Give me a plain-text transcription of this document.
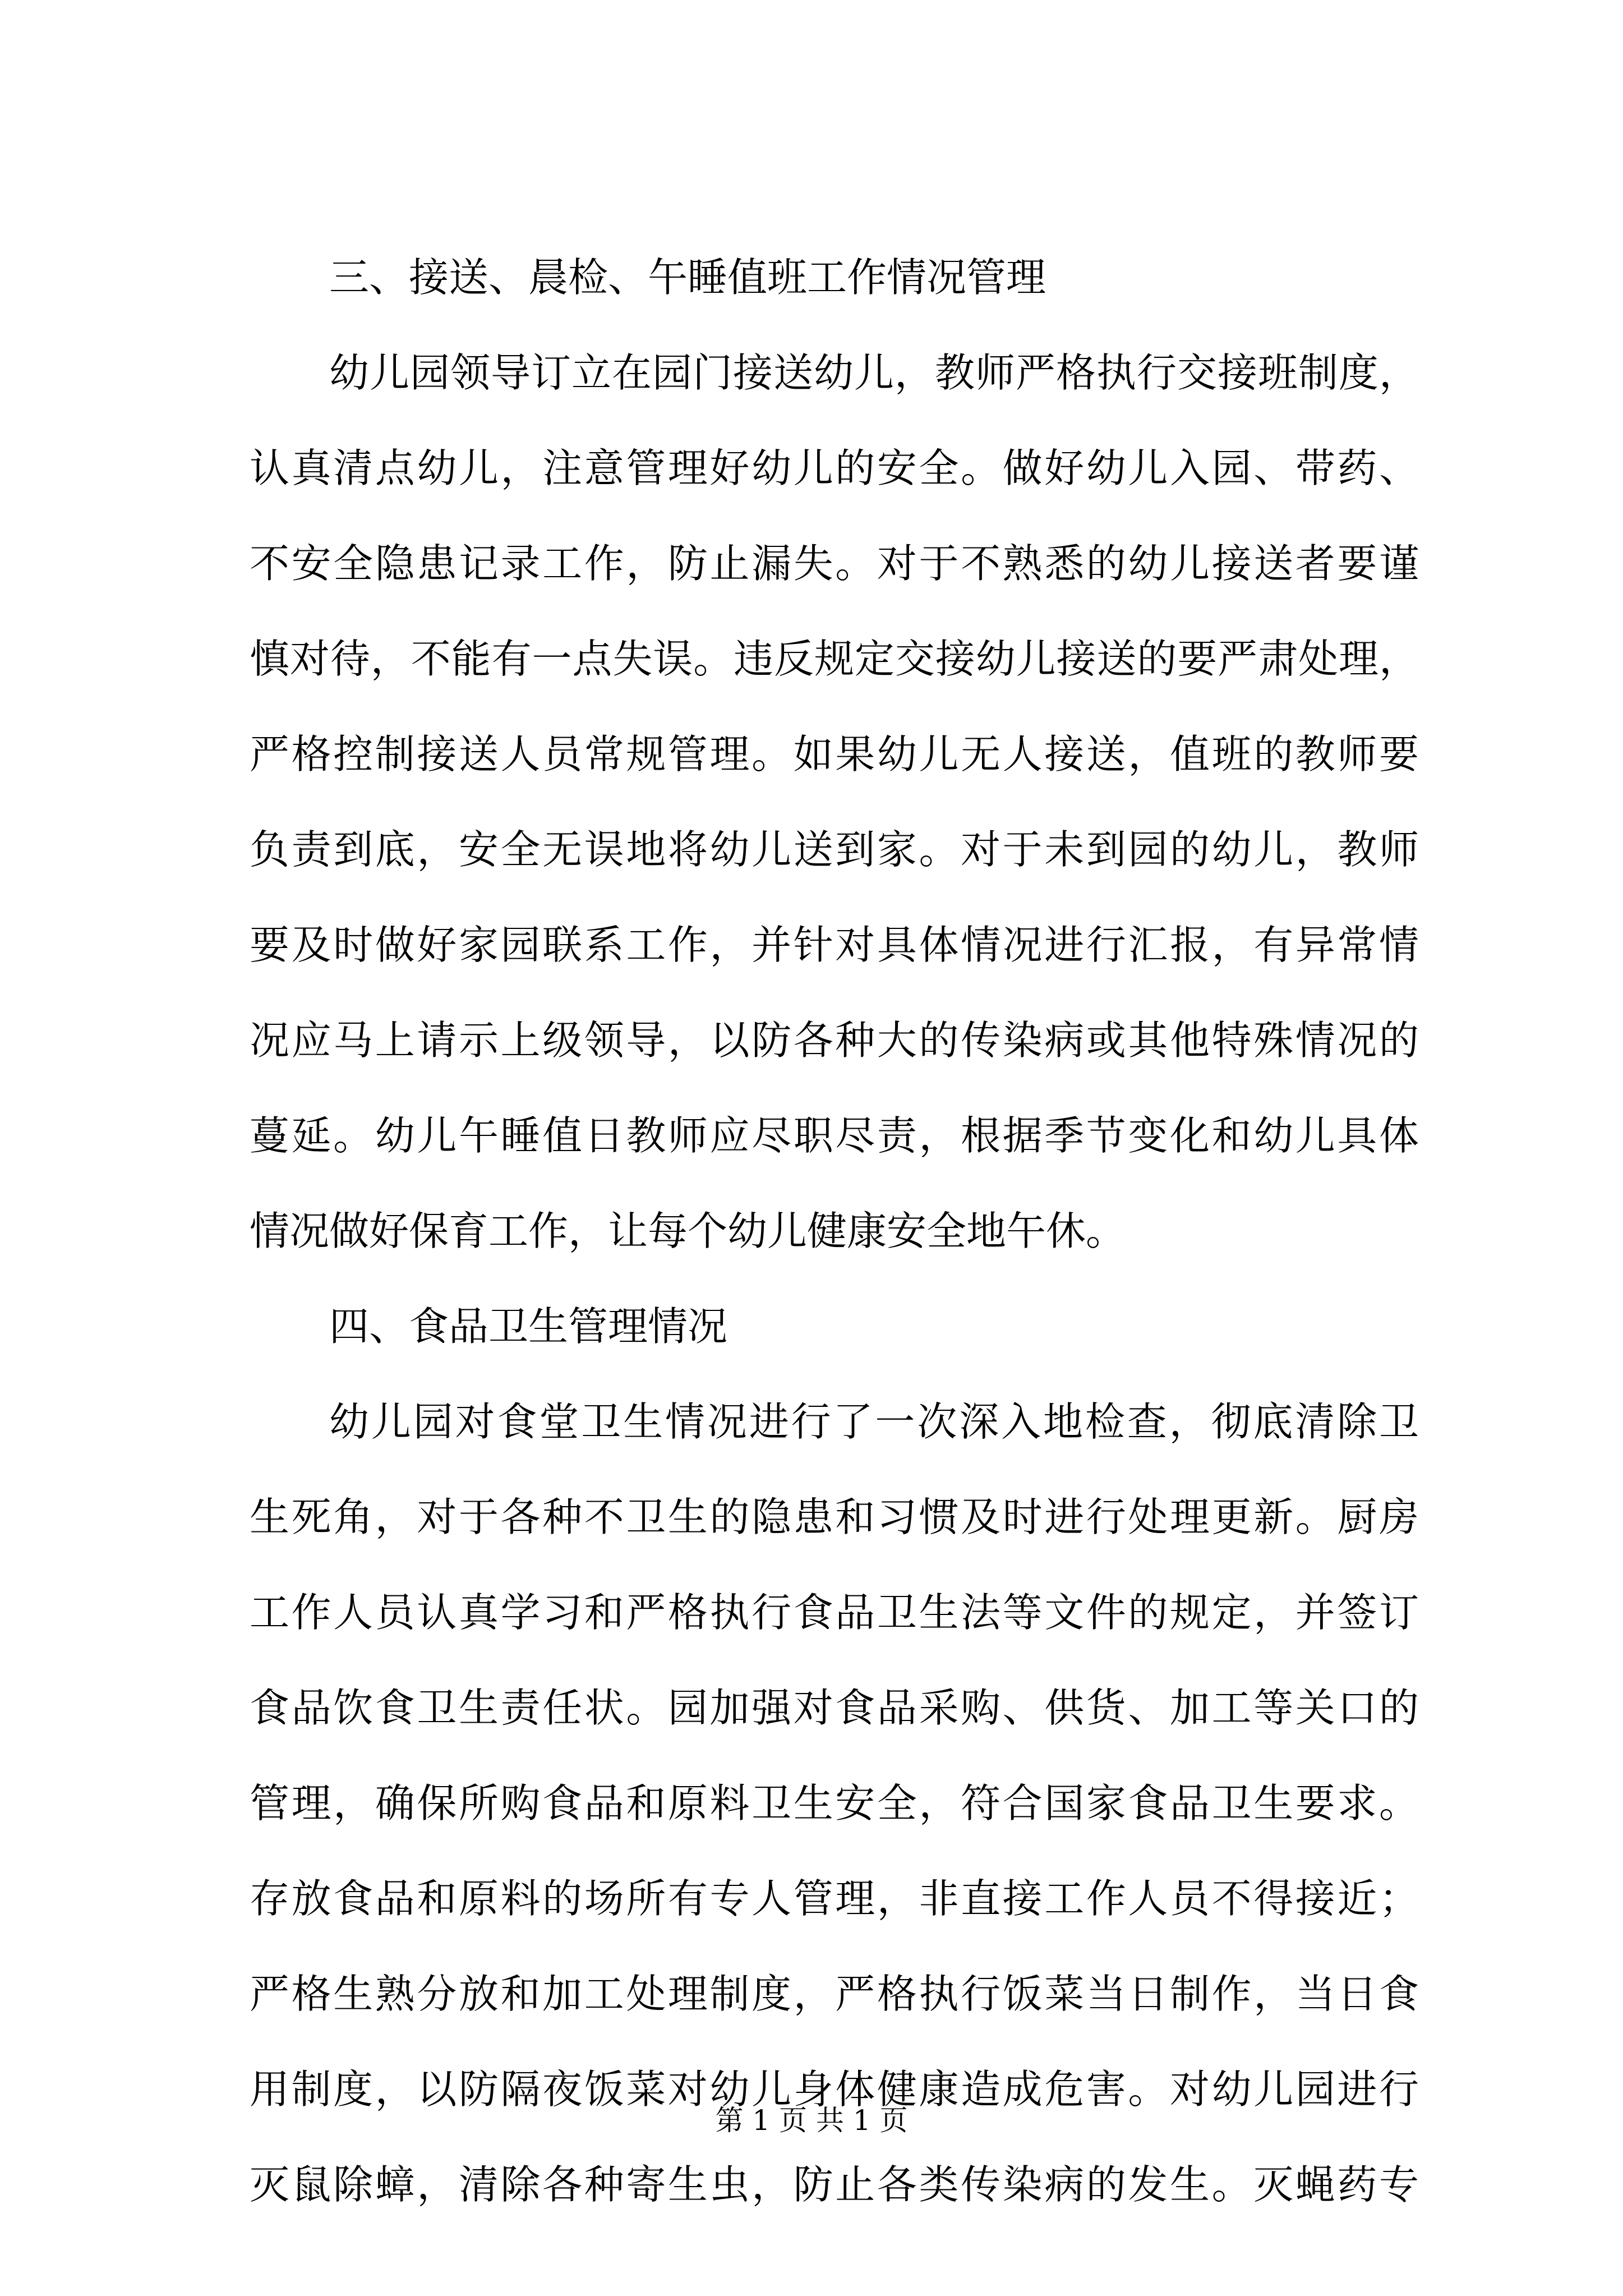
三、接送、晨检、午睡值班工作情况管理
幼儿园领导订立在园门接送幼儿，教师严格执行交接班制度，
认真清点幼儿，注意管理好幼儿的安全。做好幼儿入园、带药、
不安全隐患记录工作，防止漏失。对于不熟悉的幼儿接送者要谨
慎对待，不能有一点失误。违反规定交接幼儿接送的要严肃处理，
严格控制接送人员常规管理。如果幼儿无人接送，值班的教师要
负责到底，安全无误地将幼儿送到家。对于未到园的幼儿，教师
要及时做好家园联系工作，并针对具体情况进行汇报，有异常情
况应马上请示上级领导，以防各种大的传染病或其他特殊情况的
蔓延。幼儿午睡值日教师应尽职尽责，根据季节变化和幼儿具体
情况做好保育工作，让每个幼儿健康安全地午休。
四、食品卫生管理情况
幼儿园对食堂卫生情况进行了一次深入地检查，彻底清除卫
生死角，对于各种不卫生的隐患和习惯及时进行处理更新。厨房
工作人员认真学习和严格执行食品卫生法等文件的规定，并签订
食品饮食卫生责任状。园加强对食品采购、供货、加工等关口的
管理，确保所购食品和原料卫生安全，符合国家食品卫生要求。
存放食品和原料的场所有专人管理，非直接工作人员不得接近；
严格生熟分放和加工处理制度，严格执行饭菜当日制作，当日食
用制度，以防隔夜饭菜对幼儿身体健康造成危害。对幼儿园进行
灭鼠除蟑，清除各种寄生虫，防止各类传染病的发生。灭蝇药专
第 1 页 共 1 页
